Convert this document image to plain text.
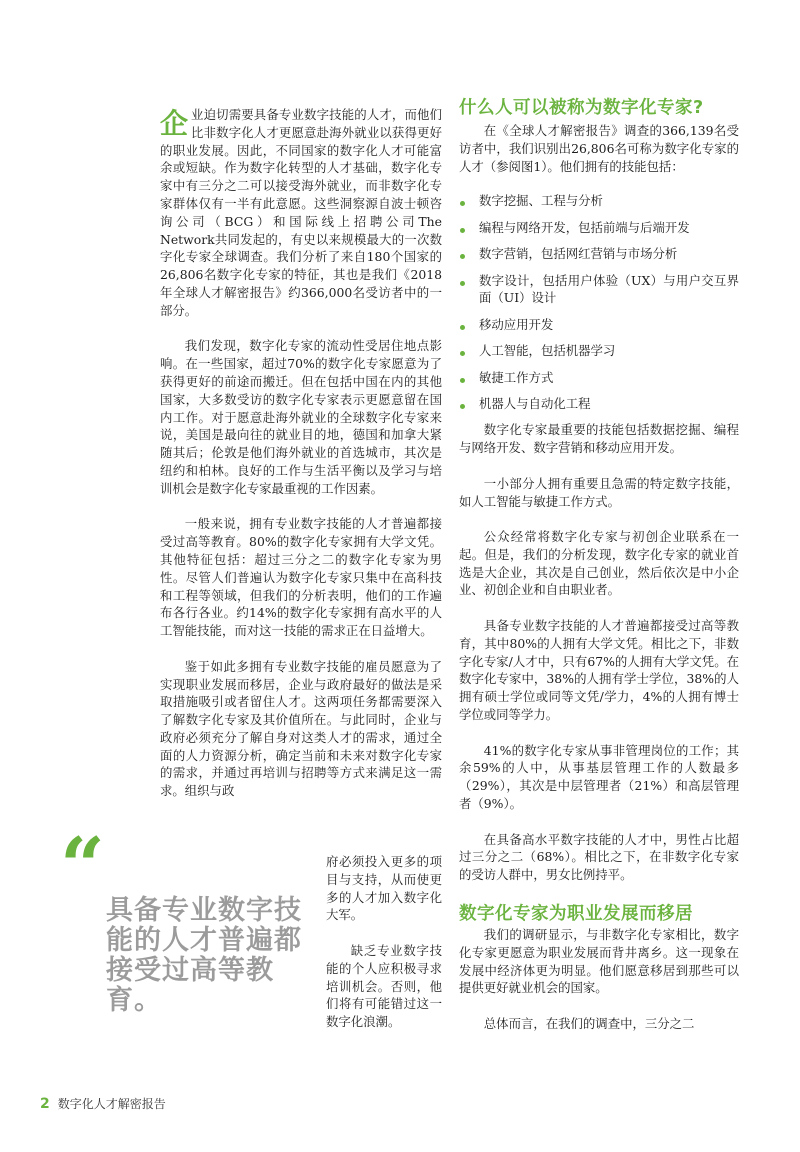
企业迫切需要具备专业数字技能的人才，而他们比非数字化人才更愿意赴海外就业以获得更好的职业发展。因此，不同国家的数字化人才可能富余或短缺。作为数字化转型的人才基础，数字化专家中有三分之二可以接受海外就业，而非数字化专家群体仅有一半有此意愿。这些洞察源自波士顿咨询公司（BCG）和国际线上招聘公司The Network共同发起的，有史以来规模最大的一次数字化专家全球调查。我们分析了来自180个国家的26,806名数字化专家的特征，其也是我们《2018年全球人才解密报告》约366,000名受访者中的一部分。

我们发现，数字化专家的流动性受居住地点影响。在一些国家，超过70%的数字化专家愿意为了获得更好的前途而搬迁。但在包括中国在内的其他国家，大多数受访的数字化专家表示更愿意留在国内工作。对于愿意赴海外就业的全球数字化专家来说，美国是最向往的就业目的地，德国和加拿大紧随其后；伦敦是他们海外就业的首选城市，其次是纽约和柏林。良好的工作与生活平衡以及学习与培训机会是数字化专家最重视的工作因素。

一般来说，拥有专业数字技能的人才普遍都接受过高等教育。80%的数字化专家拥有大学文凭。其他特征包括：超过三分之二的数字化专家为男性。尽管人们普遍认为数字化专家只集中在高科技和工程等领域，但我们的分析表明，他们的工作遍布各行各业。约14%的数字化专家拥有高水平的人工智能技能，而对这一技能的需求正在日益增大。

鉴于如此多拥有专业数字技能的雇员愿意为了实现职业发展而移居，企业与政府最好的做法是采取措施吸引或者留住人才。这两项任务都需要深入了解数字化专家及其价值所在。与此同时，企业与政府必须充分了解自身对这类人才的需求，通过全面的人力资源分析，确定当前和未来对数字化专家的需求，并通过再培训与招聘等方式来满足这一需求。组织与政

“ 具备专业数字技能的人才普遍都接受过高等教育。

府必须投入更多的项目与支持，从而使更多的人才加入数字化大军。

缺乏专业数字技能的个人应积极寻求培训机会。否则，他们将有可能错过这一数字化浪潮。

什么人可以被称为数字化专家?

在《全球人才解密报告》调查的366,139名受访者中，我们识别出26,806名可称为数字化专家的人才（参阅图1）。他们拥有的技能包括：

数字挖掘、工程与分析
编程与网络开发，包括前端与后端开发
数字营销，包括网红营销与市场分析
数字设计，包括用户体验（UX）与用户交互界面（UI）设计
移动应用开发
人工智能，包括机器学习
敏捷工作方式
机器人与自动化工程

数字化专家最重要的技能包括数据挖掘、编程与网络开发、数字营销和移动应用开发。

一小部分人拥有重要且急需的特定数字技能，如人工智能与敏捷工作方式。

公众经常将数字化专家与初创企业联系在一起。但是，我们的分析发现，数字化专家的就业首选是大企业，其次是自己创业，然后依次是中小企业、初创企业和自由职业者。

具备专业数字技能的人才普遍都接受过高等教育，其中80%的人拥有大学文凭。相比之下，非数字化专家/人才中，只有67%的人拥有大学文凭。在数字化专家中，38%的人拥有学士学位，38%的人拥有硕士学位或同等文凭/学力，4%的人拥有博士学位或同等学力。

41%的数字化专家从事非管理岗位的工作；其余59%的人中，从事基层管理工作的人数最多（29%），其次是中层管理者（21%）和高层管理者（9%）。

在具备高水平数字技能的人才中，男性占比超过三分之二（68%）。相比之下，在非数字化专家的受访人群中，男女比例持平。

数字化专家为职业发展而移居

我们的调研显示，与非数字化专家相比，数字化专家更愿意为职业发展而背井离乡。这一现象在发展中经济体更为明显。他们愿意移居到那些可以提供更好就业机会的国家。

总体而言，在我们的调查中，三分之二

2 数字化人才解密报告
